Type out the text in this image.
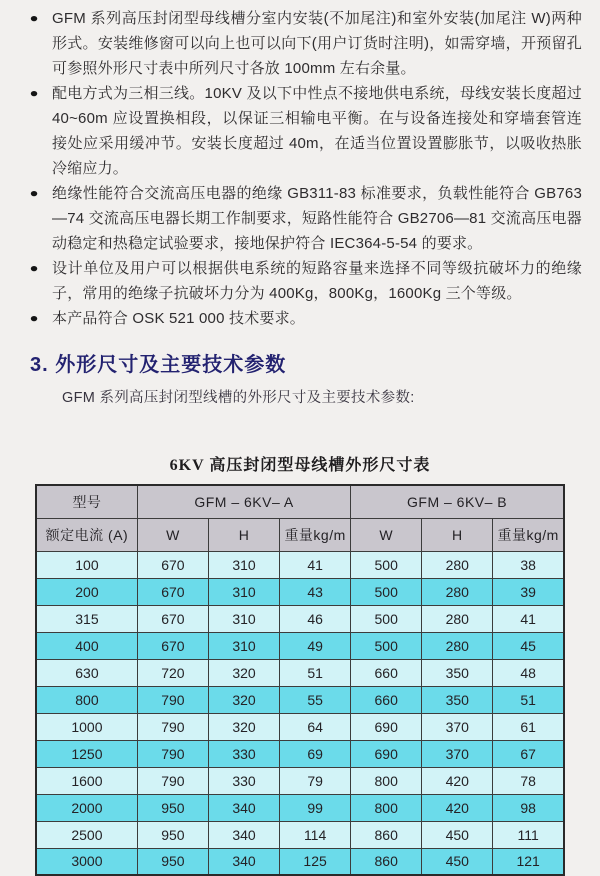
● GFM 系列高压封闭型母线槽分室内安装(不加尾注)和室外安装(加尾注 W)两种形式。安装维修窗可以向上也可以向下(用户订货时注明)，如需穿墙，开预留孔可参照外形尺寸表中所列尺寸各放 100mm 左右余量。

● 配电方式为三相三线。10KV 及以下中性点不接地供电系统，母线安装长度超过 40~60m 应设置换相段，以保证三相输电平衡。在与设备连接处和穿墙套管连接处应采用缓冲节。安装长度超过 40m，在适当位置设置膨胀节，以吸收热胀冷缩应力。

● 绝缘性能符合交流高压电器的绝缘 GB311-83 标准要求，负载性能符合 GB763—74 交流高压电器长期工作制要求，短路性能符合 GB2706—81 交流高压电器动稳定和热稳定试验要求，接地保护符合 IEC364-5-54 的要求。

● 设计单位及用户可以根据供电系统的短路容量来选择不同等级抗破坏力的绝缘子，常用的绝缘子抗破坏力分为 400Kg，800Kg，1600Kg 三个等级。

● 本产品符合 OSK 521 000 技术要求。

3. 外形尺寸及主要技术参数

GFM 系列高压封闭型线槽的外形尺寸及主要技术参数:

6KV 高压封闭型母线槽外形尺寸表
型号	GFM – 6KV– A			GFM – 6KV– B		
额定电流 (A)	W	H	重量kg/m	W	H	重量kg/m
100	670	310	41	500	280	38
200	670	310	43	500	280	39
315	670	310	46	500	280	41
400	670	310	49	500	280	45
630	720	320	51	660	350	48
800	790	320	55	660	350	51
1000	790	320	64	690	370	61
1250	790	330	69	690	370	67
1600	790	330	79	800	420	78
2000	950	340	99	800	420	98
2500	950	340	114	860	450	111
3000	950	340	125	860	450	121
